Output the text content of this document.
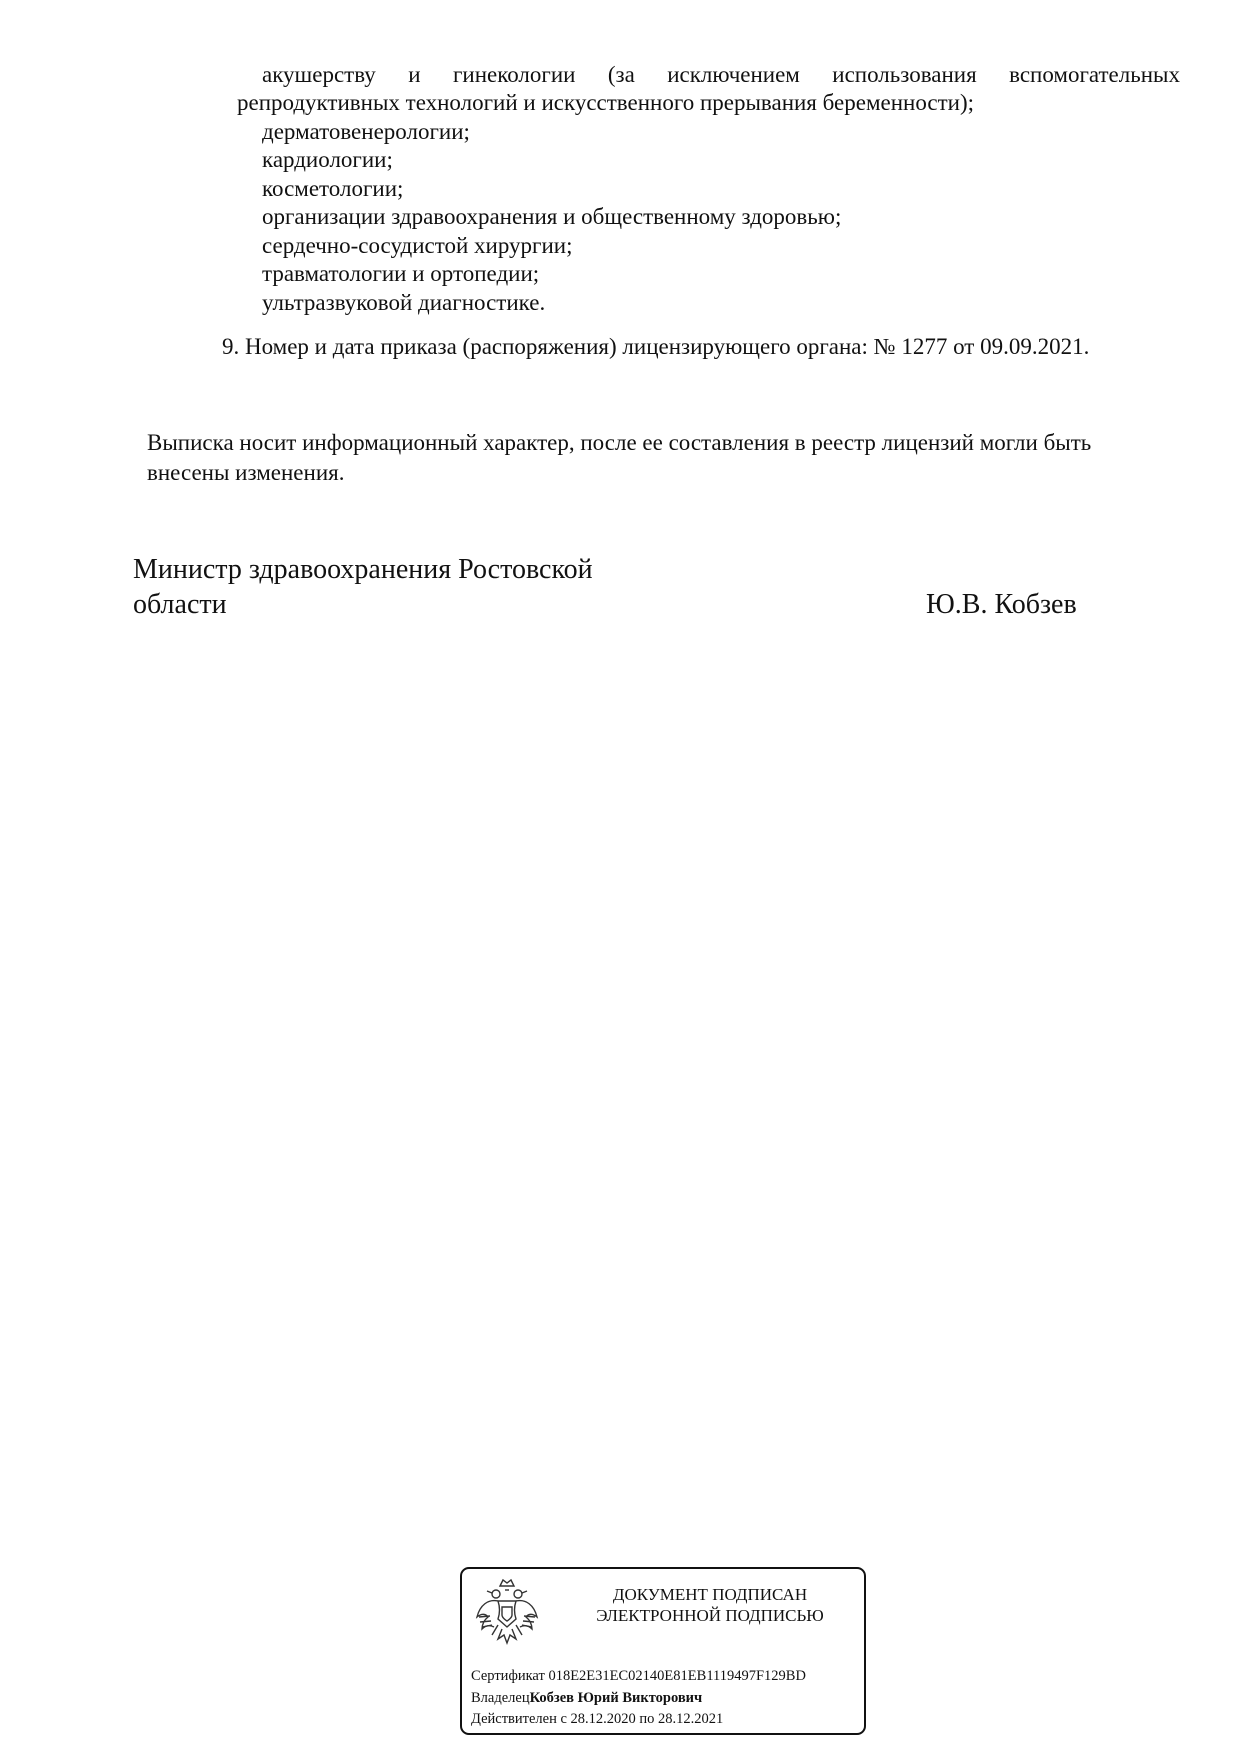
акушерству и гинекологии (за исключением использования вспомогательных
репродуктивных технологий и искусственного прерывания беременности);
дерматовенерологии;
кардиологии;
косметологии;
организации здравоохранения и общественному здоровью;
сердечно-сосудистой хирургии;
травматологии и ортопедии;
ультразвуковой диагностике.
9. Номер и дата приказа (распоряжения) лицензирующего органа: № 1277 от 09.09.2021.
Выписка носит информационный характер, после ее составления в реестр лицензий могли быть
внесены изменения.
Министр здравоохранения Ростовской
области	Ю.В. Кобзев
ДОКУМЕНТ ПОДПИСАН
ЭЛЕКТРОННОЙ ПОДПИСЬЮ
Сертификат 018E2E31EC02140E81EB1119497F129BD
ВладелецКобзев Юрий Викторович
Действителен с 28.12.2020 по 28.12.2021
